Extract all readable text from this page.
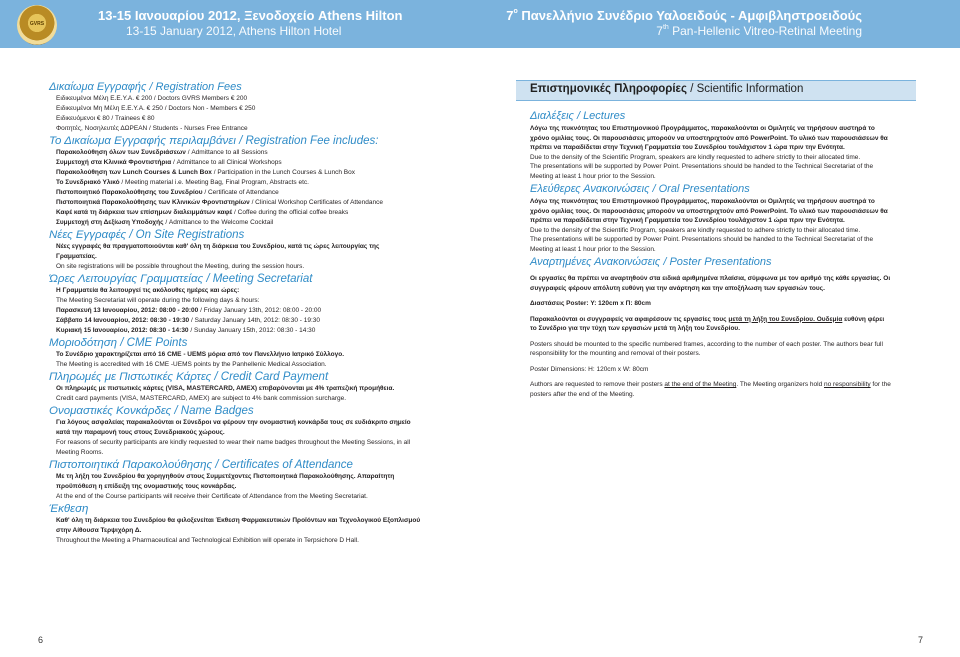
GVRS
13-15 Ιανουαρίου 2012, Ξενοδοχείο Athens Hilton
13-15 January 2012, Athens Hilton Hotel
$7^o$ Πανελλήνιο Συνέδριο Υαλοειδούς - Αμφιβληστροειδούς
7th Pan-Hellenic Vitreo-Retinal Meeting
Δικαίωμα Εγγραφής / Registration Fees
Ειδικευμένοι Μέλη Ε.Ε.Υ.Α. € 200 / Doctors GVRS Members € 200
Ειδικευμένοι Μη Μέλη Ε.Ε.Υ.Α. € 250 / Doctors Non - Members € 250
Ειδικευόμενοι € 80 / Trainees € 80
Φοιτητές, Νοσηλευτές ΔΩΡΕΑΝ / Students - Nurses Free Entrance
Το Δικαίωμα Εγγραφής περιλαμβάνει / Registration Fee includes:
Παρακολούθηση όλων των Συνεδριάσεων / Admittance to all Sessions
Συμμετοχή στα Κλινικά Φροντιστήρια / Admittance to all Clinical Workshops
Παρακολούθηση των Lunch Courses & Lunch Box / Participation in the Lunch Courses & Lunch Box
Το Συνεδριακό Υλικό / Meeting material i.e. Meeting Bag, Final Program, Abstracts etc.
Πιστοποιητικό Παρακολούθησης του Συνεδρίου / Certificate of Attendance
Πιστοποιητικά Παρακολούθησης των Κλινικών Φροντιστηρίων / Clinical Workshop Certificates of Attendance
Καφέ κατά τη διάρκεια των επίσημων διαλειμμάτων καφέ / Coffee during the official coffee breaks
Συμμετοχή στη Δεξίωση Υποδοχής / Admittance to the Welcome Cocktail
Νέες Εγγραφές / On Site Registrations
Νέες εγγραφές θα πραγματοποιούνται καθ' όλη τη διάρκεια του Συνεδρίου, κατά τις ώρες λειτουργίας της
Γραμματείας.
On site registrations will be possible throughout the Meeting, during the session hours.
Ώρες Λειτουργίας Γραμματείας / Meeting Secretariat
Η Γραμματεία θα λειτουργεί τις ακόλουθες ημέρες και ώρες:
The Meeting Secretariat will operate during the following days & hours:
Παρασκευή 13 Ιανουαρίου, 2012: 08:00 - 20:00 / Friday January 13th, 2012: 08:00 - 20:00
Σάββατο 14 Ιανουαρίου, 2012: 08:30 - 19:30 / Saturday January 14th, 2012: 08:30 - 19:30
Κυριακή 15 Ιανουαρίου, 2012: 08:30 - 14:30 / Sunday January 15th, 2012: 08:30 - 14:30
Μοριοδότηση / CME Points
Το Συνέδριο χαρακτηρίζεται από 16 CME - UEMS μόρια από τον Πανελλήνιο Ιατρικό Σύλλογο.
The Meeting is accredited with 16 CME -UEMS points by the Panhellenic Medical Association.
Πληρωμές με Πιστωτικές Κάρτες / Credit Card Payment
Οι πληρωμές με πιστωτικές κάρτες (VISA, MASTERCARD, AMEX) επιβαρύνονται με 4% τραπεζική προμήθεια.
Credit card payments (VISA, MASTERCARD, AMEX) are subject to 4% bank commission surcharge.
Ονομαστικές Κονκάρδες / Name Badges
Για λόγους ασφαλείας παρακαλούνται οι Σύνεδροι να φέρουν την ονομαστική κονκάρδα τους σε ευδιάκριτο σημείο
κατά την παραμονή τους στους Συνεδριακούς χώρους.
For reasons of security participants are kindly requested to wear their name badges throughout the Meeting Sessions, in all
Meeting Rooms.
Πιστοποιητικά Παρακολούθησης / Certificates of Attendance
Με τη λήξη του Συνεδρίου θα χορηγηθούν στους Συμμετέχοντες Πιστοποιητικά Παρακολούθησης. Απαραίτητη
προϋπόθεση η επίδειξη της ονομαστικής τους κονκάρδας.
At the end of the Course participants will receive their Certificate of Attendance from the Meeting Secretariat.
Έκθεση
Καθ' όλη τη διάρκεια του Συνεδρίου θα φιλοξενείται Έκθεση Φαρμακευτικών Προϊόντων και Τεχνολογικού Εξοπλισμού
στην Αίθουσα Τερψιχόρη Δ.
Throughout the Meeting a Pharmaceutical and Technological Exhibition will operate in Terpsichore D Hall.
Επιστημονικές Πληροφορίες / Scientific Information
Διαλέξεις / Lectures
Λόγω της πυκνότητας του Επιστημονικού Προγράμματος, παρακαλούνται οι Ομιλητές να τηρήσουν αυστηρά το
χρόνο ομιλίας τους. Οι παρουσιάσεις μπορούν να υποστηριχτούν από PowerPoint. Το υλικό των παρουσιάσεων θα
πρέπει να παραδίδεται στην Τεχνική Γραμματεία του Συνεδρίου τουλάχιστον 1 ώρα πριν την Ενότητα.
Due to the density of the Scientific Program, speakers are kindly requested to adhere strictly to their allocated time.
The presentations will be supported by Power Point. Presentations should be handed to the Technical Secretariat of the
Meeting at least 1 hour prior to the Session.
Ελεύθερες Ανακοινώσεις / Oral Presentations
Λόγω της πυκνότητας του Επιστημονικού Προγράμματος, παρακαλούνται οι Ομιλητές να τηρήσουν αυστηρά το
χρόνο ομιλίας τους. Οι παρουσιάσεις μπορούν να υποστηριχτούν από PowerPoint. Το υλικό των παρουσιάσεων θα
πρέπει να παραδίδεται στην Τεχνική Γραμματεία του Συνεδρίου τουλάχιστον 1 ώρα πριν την Ενότητα.
Due to the density of the Scientific Program, speakers are kindly requested to adhere strictly to their allocated time.
The presentations will be supported by Power Point. Presentations should be handed to the Technical Secretariat of the
Meeting at least 1 hour prior to the Session.
Αναρτημένες Ανακοινώσεις / Poster Presentations
Οι εργασίες θα πρέπει να αναρτηθούν στα ειδικά αριθμημένα πλαίσια, σύμφωνα με τον αριθμό της κάθε εργασίας. Οι
συγγραφείς φέρουν απόλυτη ευθύνη για την ανάρτηση και την αποξήλωση των εργασιών τους.
Διαστάσεις Poster: Υ: 120cm x Π: 80cm
Παρακαλούνται οι συγγραφείς να αφαιρέσουν τις εργασίες τους μετά τη λήξη του Συνεδρίου. Ουδεμία ευθύνη φέρει
το Συνέδριο για την τύχη των εργασιών μετά τη λήξη του Συνεδρίου.
Posters should be mounted to the specific numbered frames, according to the number of each poster. The authors bear full
responsibility for the mounting and removal of their posters.
Poster Dimensions: H: 120cm x W: 80cm
Authors are requested to remove their posters at the end of the Meeting. The Meeting organizers hold no responsibility for the
posters after the end of the Meeting.
6	7
